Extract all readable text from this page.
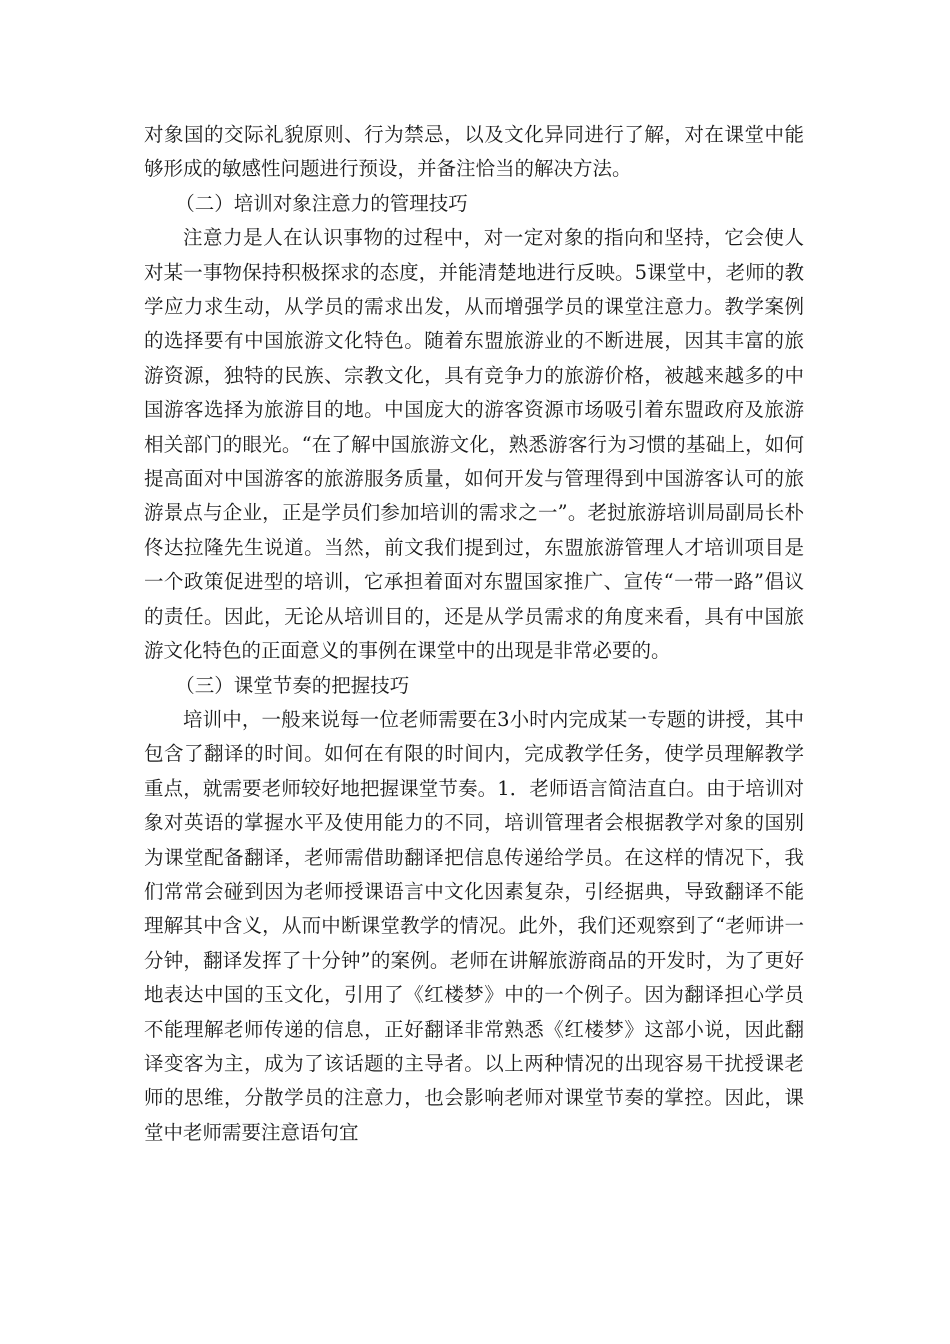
对象国的交际礼貌原则、行为禁忌，以及文化异同进行了解，对在课堂中能够形成的敏感性问题进行预设，并备注恰当的解决方法。

（二）培训对象注意力的管理技巧

注意力是人在认识事物的过程中，对一定对象的指向和坚持，它会使人对某一事物保持积极探求的态度，并能清楚地进行反映。5课堂中，老师的教学应力求生动，从学员的需求出发，从而增强学员的课堂注意力。教学案例的选择要有中国旅游文化特色。随着东盟旅游业的不断进展，因其丰富的旅游资源，独特的民族、宗教文化，具有竞争力的旅游价格，被越来越多的中国游客选择为旅游目的地。中国庞大的游客资源市场吸引着东盟政府及旅游相关部门的眼光。“在了解中国旅游文化，熟悉游客行为习惯的基础上，如何提高面对中国游客的旅游服务质量，如何开发与管理得到中国游客认可的旅游景点与企业，正是学员们参加培训的需求之一”。老挝旅游培训局副局长朴佟达拉隆先生说道。当然，前文我们提到过，东盟旅游管理人才培训项目是一个政策促进型的培训，它承担着面对东盟国家推广、宣传“一带一路”倡议的责任。因此，无论从培训目的，还是从学员需求的角度来看，具有中国旅游文化特色的正面意义的事例在课堂中的出现是非常必要的。

（三）课堂节奏的把握技巧

培训中，一般来说每一位老师需要在3小时内完成某一专题的讲授，其中包含了翻译的时间。如何在有限的时间内，完成教学任务，使学员理解教学重点，就需要老师较好地把握课堂节奏。1．老师语言简洁直白。由于培训对象对英语的掌握水平及使用能力的不同，培训管理者会根据教学对象的国别为课堂配备翻译，老师需借助翻译把信息传递给学员。在这样的情况下，我们常常会碰到因为老师授课语言中文化因素复杂，引经据典，导致翻译不能理解其中含义，从而中断课堂教学的情况。此外，我们还观察到了“老师讲一分钟，翻译发挥了十分钟”的案例。老师在讲解旅游商品的开发时，为了更好地表达中国的玉文化，引用了《红楼梦》中的一个例子。因为翻译担心学员不能理解老师传递的信息，正好翻译非常熟悉《红楼梦》这部小说，因此翻译变客为主，成为了该话题的主导者。以上两种情况的出现容易干扰授课老师的思维，分散学员的注意力，也会影响老师对课堂节奏的掌控。因此，课堂中老师需要注意语句宜
